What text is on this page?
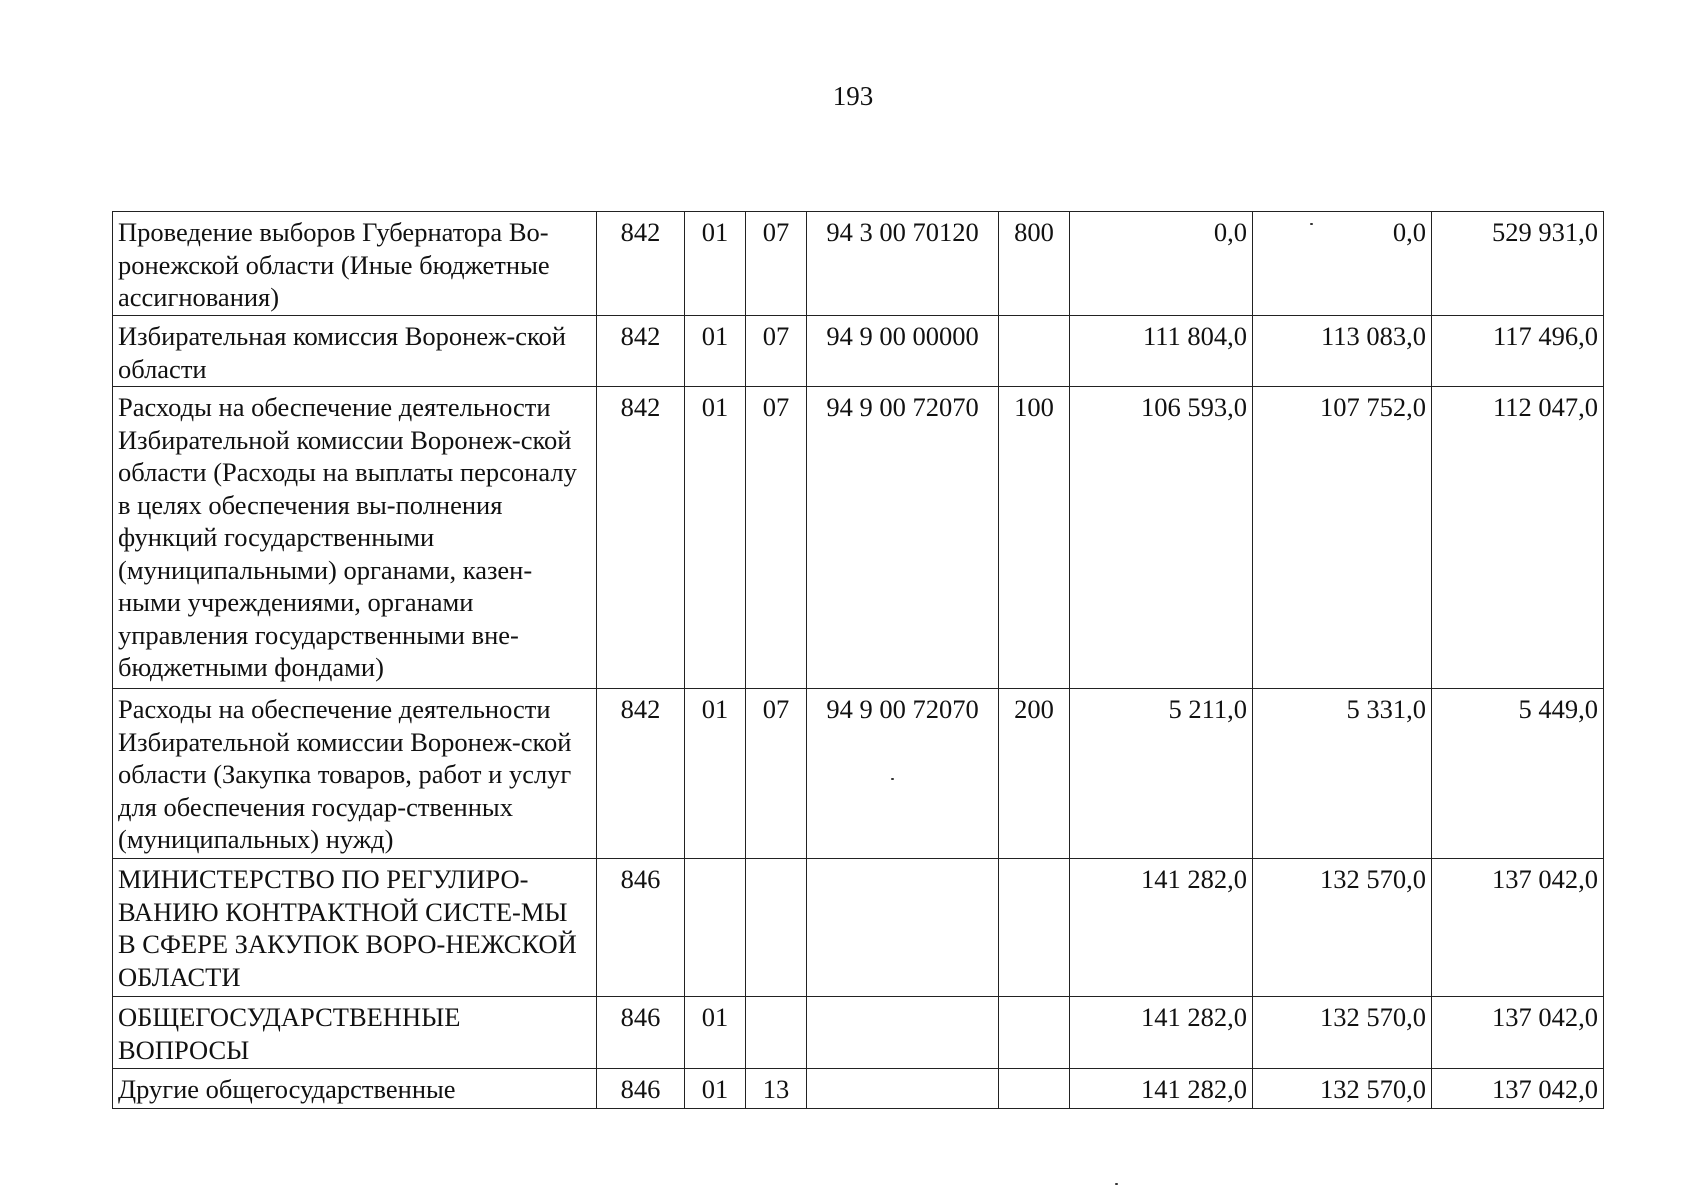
193
Проведение выборов Губернатора Во-ронежской области (Иные бюджетные ассигнования)	842	01	07	94 3 00 70120	800	0,0	0,0	529 931,0
Избирательная комиссия Воронеж-ской области	842	01	07	94 9 00 00000		111 804,0	113 083,0	117 496,0
Расходы на обеспечение деятельности Избирательной комиссии Воронеж-ской области (Расходы на выплаты персоналу в целях обеспечения вы-полнения функций государственными (муниципальными) органами, казен-ными учреждениями, органами управления государственными вне-бюджетными фондами)	842	01	07	94 9 00 72070	100	106 593,0	107 752,0	112 047,0
Расходы на обеспечение деятельности Избирательной комиссии Воронеж-ской области (Закупка товаров, работ и услуг для обеспечения государ-ственных (муниципальных) нужд)	842	01	07	94 9 00 72070	200	5 211,0	5 331,0	5 449,0
МИНИСТЕРСТВО ПО РЕГУЛИРО-ВАНИЮ КОНТРАКТНОЙ СИСТЕ-МЫ В СФЕРЕ ЗАКУПОК ВОРО-НЕЖСКОЙ ОБЛАСТИ	846					141 282,0	132 570,0	137 042,0
ОБЩЕГОСУДАРСТВЕННЫЕ ВОПРОСЫ	846	01				141 282,0	132 570,0	137 042,0
Другие общегосударственные	846	01	13			141 282,0	132 570,0	137 042,0
